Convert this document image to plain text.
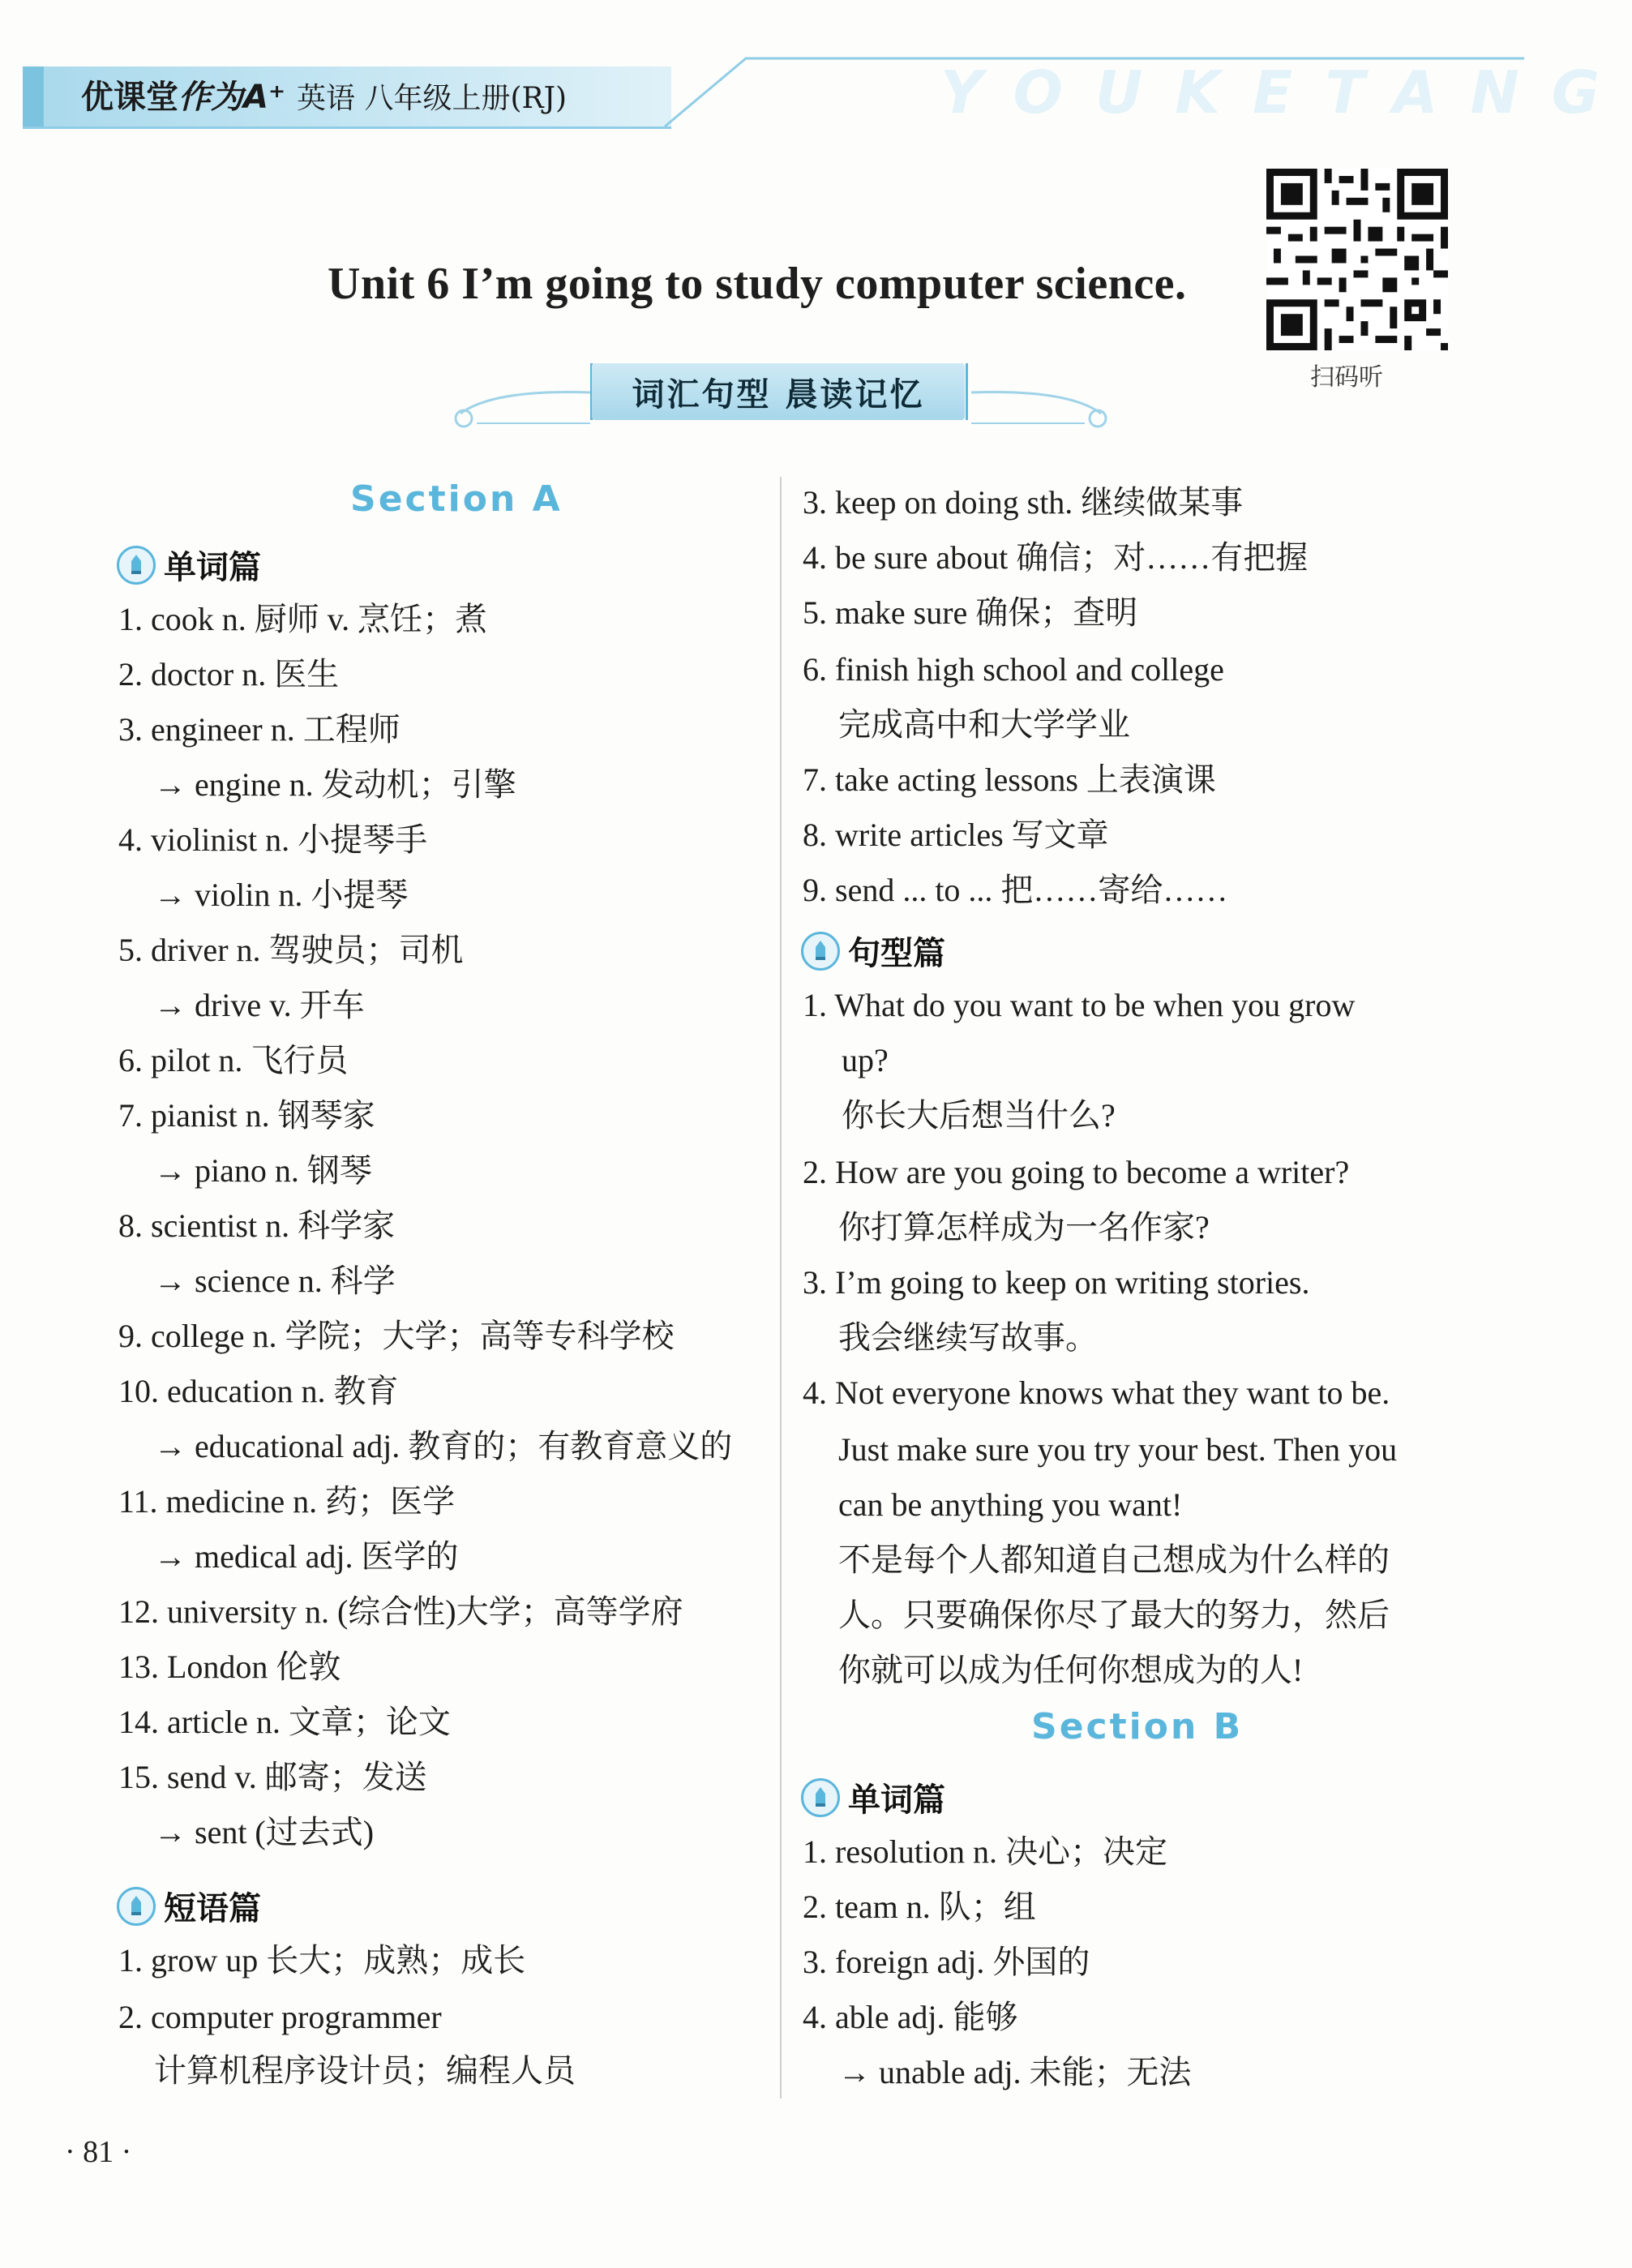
优课堂作为A⁺ 英语 八年级上册(RJ)	YOUKETANG
Unit 6 I’m going to study computer science.
扫码听
词汇句型 晨读记忆
Section A
单词篇
1. cook n. 厨师 v. 烹饪；煮
2. doctor n. 医生
3. engineer n. 工程师
→ engine n. 发动机；引擎
4. violinist n. 小提琴手
→ violin n. 小提琴
5. driver n. 驾驶员；司机
→ drive v. 开车
6. pilot n. 飞行员
7. pianist n. 钢琴家
→ piano n. 钢琴
8. scientist n. 科学家
→ science n. 科学
9. college n. 学院；大学；高等专科学校
10. education n. 教育
→ educational adj. 教育的；有教育意义的
11. medicine n. 药；医学
→ medical adj. 医学的
12. university n. (综合性)大学；高等学府
13. London 伦敦
14. article n. 文章；论文
15. send v. 邮寄；发送
→ sent (过去式)
短语篇
1. grow up 长大；成熟；成长
2. computer programmer
计算机程序设计员；编程人员
3. keep on doing sth. 继续做某事
4. be sure about 确信；对……有把握
5. make sure 确保；查明
6. finish high school and college
完成高中和大学学业
7. take acting lessons 上表演课
8. write articles 写文章
9. send ... to ... 把……寄给……
句型篇
1. What do you want to be when you grow
up?
你长大后想当什么?
2. How are you going to become a writer?
你打算怎样成为一名作家?
3. I’m going to keep on writing stories.
我会继续写故事。
4. Not everyone knows what they want to be.
Just make sure you try your best. Then you
can be anything you want!
不是每个人都知道自己想成为什么样的
人。只要确保你尽了最大的努力，然后
你就可以成为任何你想成为的人!
Section B
单词篇
1. resolution n. 决心；决定
2. team n. 队；组
3. foreign adj. 外国的
4. able adj. 能够
→ unable adj. 未能；无法
· 81 ·
